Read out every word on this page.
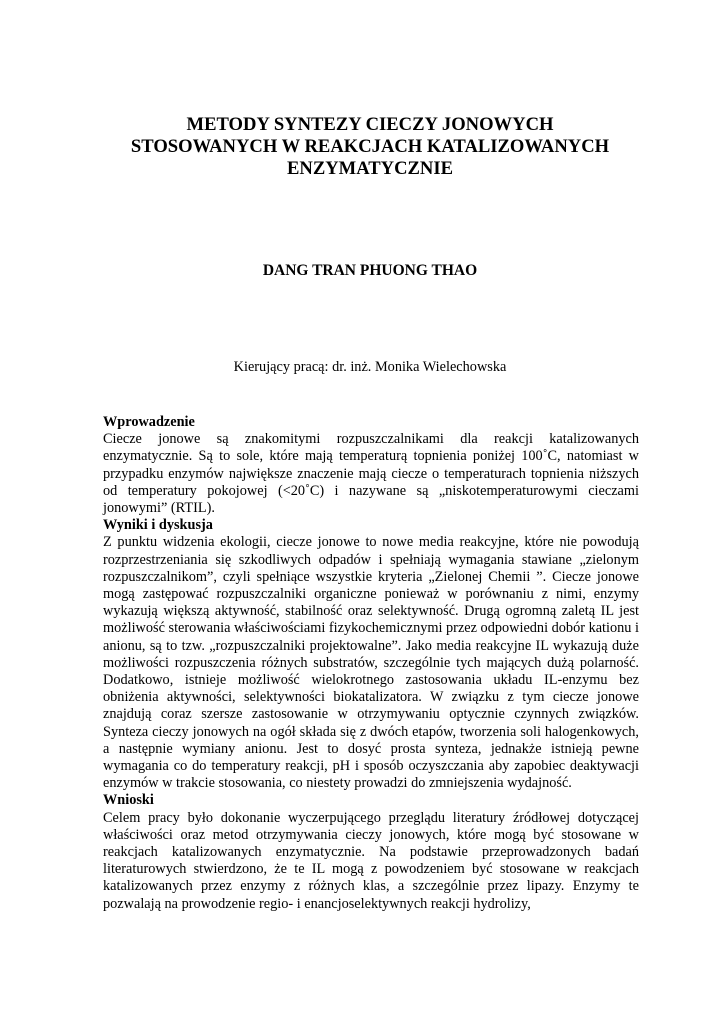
METODY SYNTEZY CIECZY JONOWYCH
STOSOWANYCH W REAKCJACH KATALIZOWANYCH
ENZYMATYCZNIE
DANG TRAN PHUONG THAO
Kierujący pracą: dr. inż. Monika Wielechowska
Wprowadzenie

Ciecze jonowe są znakomitymi rozpuszczalnikami dla reakcji katalizowanych enzymatycznie. Są to sole, które mają temperaturą topnienia poniżej 100˚C, natomiast w przypadku enzymów największe znaczenie mają ciecze o temperaturach topnienia niższych od temperatury pokojowej (<20˚C) i nazywane są „niskotemperaturowymi cieczami jonowymi” (RTIL).

Wyniki i dyskusja

Z punktu widzenia ekologii, ciecze jonowe to nowe media reakcyjne, które nie powodują rozprzestrzeniania się szkodliwych odpadów i spełniają wymagania stawiane „zielonym rozpuszczalnikom”, czyli spełniące wszystkie kryteria „Zielonej Chemii ”. Ciecze jonowe mogą zastępować rozpuszczalniki organiczne ponieważ w porównaniu z nimi, enzymy wykazują większą aktywność, stabilność oraz selektywność. Drugą ogromną zaletą IL jest możliwość sterowania właściwościami fizykochemicznymi przez odpowiedni dobór kationu i anionu, są to tzw. „rozpuszczalniki projektowalne”. Jako media reakcyjne IL wykazują duże możliwości rozpuszczenia różnych substratów, szczególnie tych mających dużą polarność. Dodatkowo, istnieje możliwość wielokrotnego zastosowania układu IL-enzymu bez obniżenia aktywności, selektywności biokatalizatora. W związku z tym ciecze jonowe znajdują coraz szersze zastosowanie w otrzymywaniu optycznie czynnych związków. Synteza cieczy jonowych na ogół składa się z dwóch etapów, tworzenia soli halogenkowych, a następnie wymiany anionu. Jest to dosyć prosta synteza, jednakże istnieją pewne wymagania co do temperatury reakcji, pH i sposób oczyszczania aby zapobiec deaktywacji enzymów w trakcie stosowania, co niestety prowadzi do zmniejszenia wydajność.

Wnioski

Celem pracy było dokonanie wyczerpującego przeglądu literatury źródłowej dotyczącej właściwości oraz metod otrzymywania cieczy jonowych, które mogą być stosowane w reakcjach katalizowanych enzymatycznie. Na podstawie przeprowadzonych badań literaturowych stwierdzono, że te IL mogą z powodzeniem być stosowane w reakcjach katalizowanych przez enzymy z różnych klas, a szczególnie przez lipazy. Enzymy te pozwalają na prowodzenie regio- i enancjoselektywnych reakcji hydrolizy,
